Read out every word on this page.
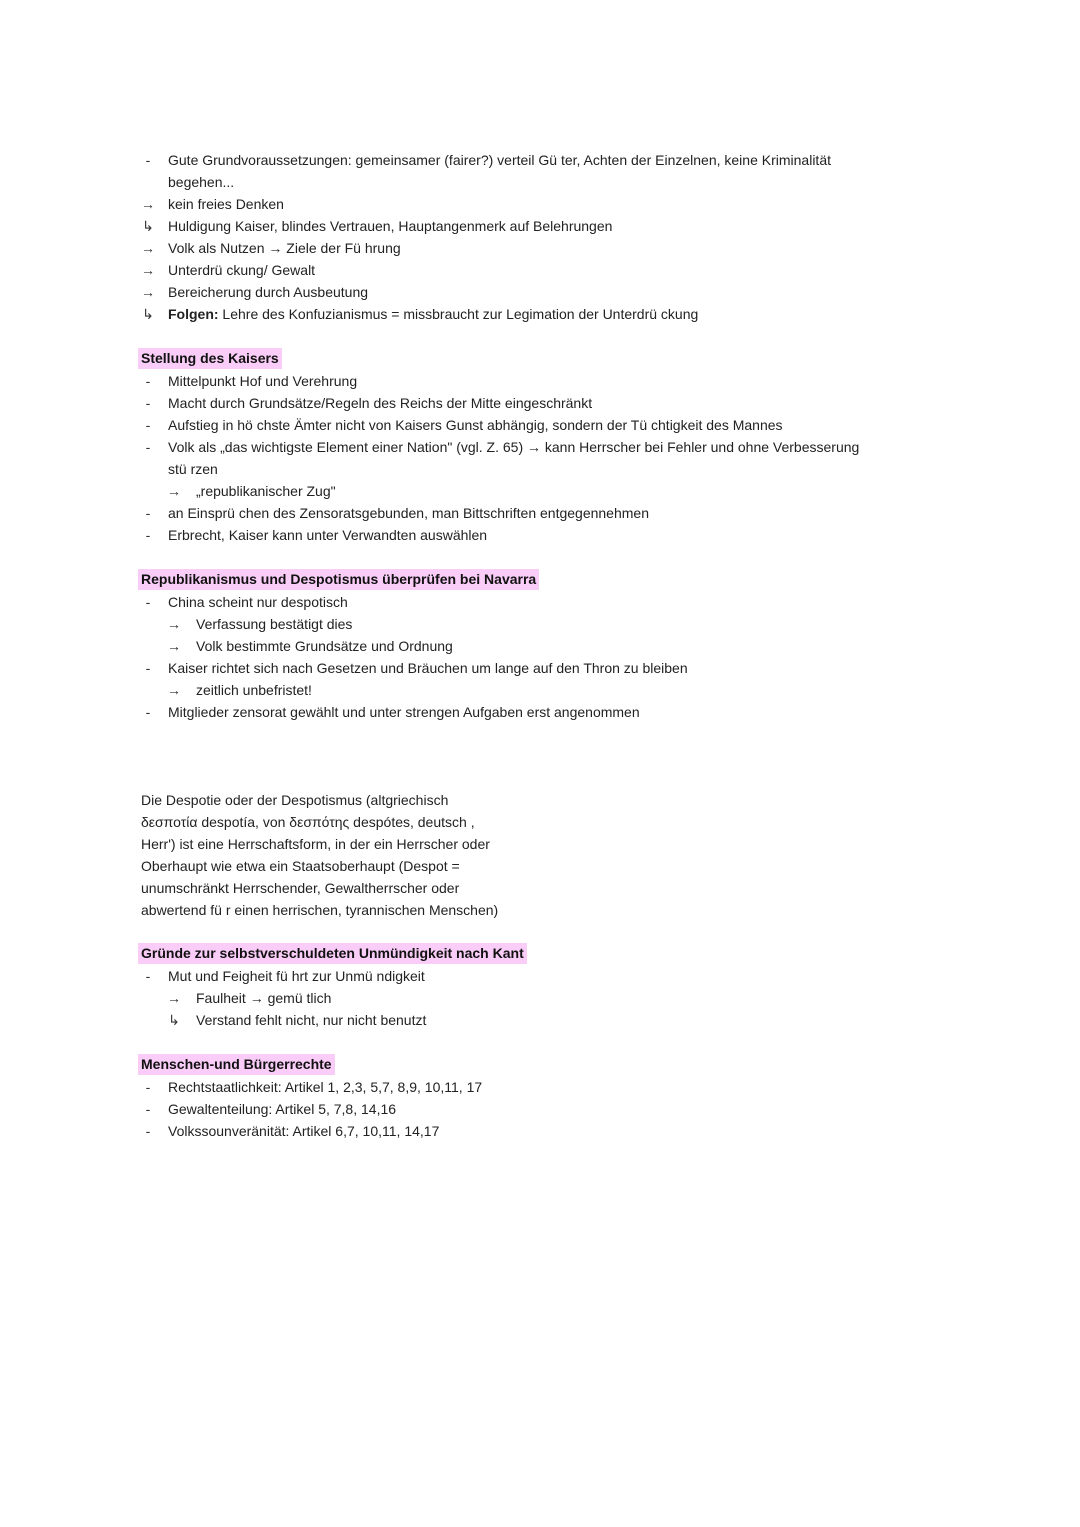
-	Gute Grundvoraussetzungen: gemeinsamer (fairer?) verteil Gü ter, Achten der Einzelnen, keine Kriminalität
begehen...
→ kein freies Denken
↳ Huldigung Kaiser, blindes Vertrauen, Hauptangenmerk auf Belehrungen
→ Volk als Nutzen → Ziele der Fü hrung
→ Unterdrü ckung/ Gewalt
→ Bereicherung durch Ausbeutung
↳ Folgen: Lehre des Konfuzianismus = missbraucht zur Legimation der Unterdrü ckung
Stellung des Kaisers
-	Mittelpunkt Hof und Verehrung
-	Macht durch Grundsätze/Regeln des Reichs der Mitte eingeschränkt
-	Aufstieg in hö chste Ämter nicht von Kaisers Gunst abhängig, sondern der Tü chtigkeit des Mannes
-	Volk als „das wichtigste Element einer Nation" (vgl. Z. 65) → kann Herrscher bei Fehler und ohne Verbesserung
stü rzen
→ „republikanischer Zug"
-	an Einsprü chen des Zensoratsgebunden, man Bittschriften entgegennehmen
-	Erbrecht, Kaiser kann unter Verwandten auswählen
Republikanismus und Despotismus überprüfen bei Navarra
-	China scheint nur despotisch
→ Verfassung bestätigt dies
→ Volk bestimmte Grundsätze und Ordnung
-	Kaiser richtet sich nach Gesetzen und Bräuchen um lange auf den Thron zu bleiben
→ zeitlich unbefristet!
-	Mitglieder zensorat gewählt und unter strengen Aufgaben erst angenommen
Die Despotie oder der Despotismus (altgriechisch
δεσποτία despotía, von δεσπότης despótes, deutsch ,
Herr') ist eine Herrschaftsform, in der ein Herrscher oder
Oberhaupt wie etwa ein Staatsoberhaupt (Despot =
unumschränkt Herrschender, Gewaltherrscher oder
abwertend fü r einen herrischen, tyrannischen Menschen)
Gründe zur selbstverschuldeten Unmündigkeit nach Kant
-	Mut und Feigheit fü hrt zur Unmü ndigkeit
→ Faulheit → gemü tlich
↳ Verstand fehlt nicht, nur nicht benutzt
Menschen-und Bürgerrechte
-	Rechtstaatlichkeit: Artikel 1, 2,3, 5,7, 8,9, 10,11, 17
-	Gewaltenteilung: Artikel 5, 7,8, 14,16
-	Volkssounveränität: Artikel 6,7, 10,11, 14,17
